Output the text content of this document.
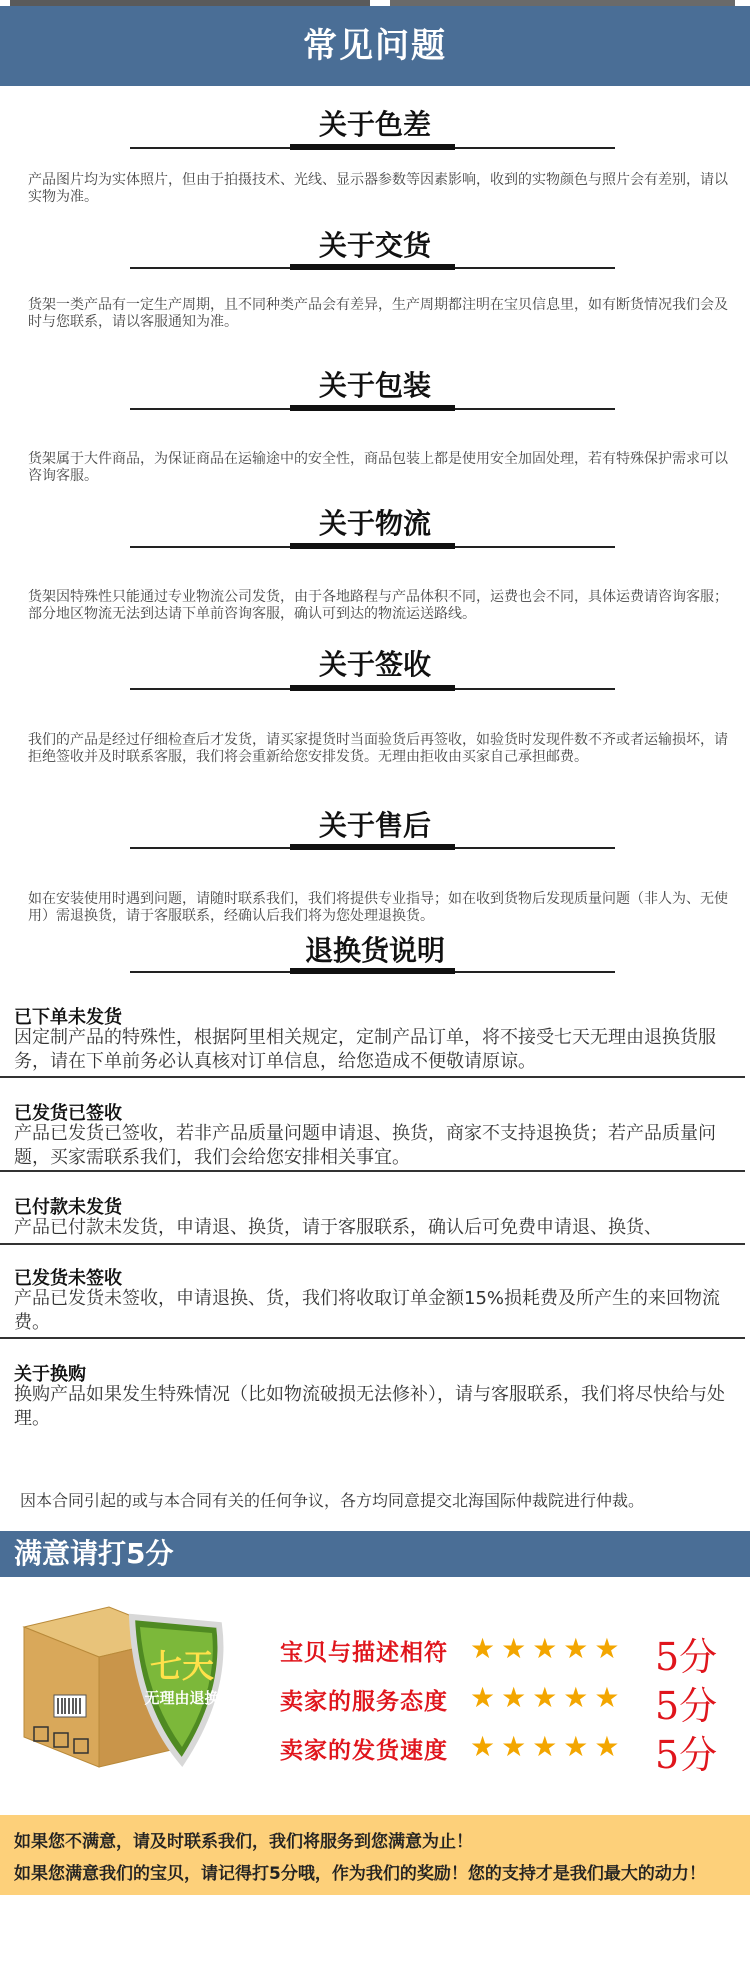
常见问题
关于色差
产品图片均为实体照片，但由于拍摄技术、光线、显示器参数等因素影响，收到的实物颜色与照片会有差别，请以实物为准。
关于交货
货架一类产品有一定生产周期，且不同种类产品会有差异，生产周期都注明在宝贝信息里，如有断货情况我们会及时与您联系，请以客服通知为准。
关于包装
货架属于大件商品，为保证商品在运输途中的安全性，商品包装上都是使用安全加固处理，若有特殊保护需求可以咨询客服。
关于物流
货架因特殊性只能通过专业物流公司发货，由于各地路程与产品体积不同，运费也会不同，具体运费请咨询客服；部分地区物流无法到达请下单前咨询客服，确认可到达的物流运送路线。
关于签收
我们的产品是经过仔细检查后才发货，请买家提货时当面验货后再签收，如验货时发现件数不齐或者运输损坏，请拒绝签收并及时联系客服，我们将会重新给您安排发货。无理由拒收由买家自己承担邮费。
关于售后
如在安装使用时遇到问题，请随时联系我们，我们将提供专业指导；如在收到货物后发现质量问题（非人为、无使用）需退换货，请于客服联系，经确认后我们将为您处理退换货。
退换货说明
已下单未发货
因定制产品的特殊性，根据阿里相关规定，定制产品订单，将不接受七天无理由退换货服务，请在下单前务必认真核对订单信息，给您造成不便敬请原谅。
已发货已签收
产品已发货已签收，若非产品质量问题申请退、换货，商家不支持退换货；若产品质量问题，买家需联系我们，我们会给您安排相关事宜。
已付款未发货
产品已付款未发货，申请退、换货，请于客服联系，确认后可免费申请退、换货、
已发货未签收
产品已发货未签收，申请退换、货，我们将收取订单金额15%损耗费及所产生的来回物流费。
关于换购
换购产品如果发生特殊情况（比如物流破损无法修补），请与客服联系，我们将尽快给与处理。
因本合同引起的或与本合同有关的任何争议，各方均同意提交北海国际仲裁院进行仲裁。
满意请打5分
七天
无理由退换
宝贝与描述相符 ★★★★★ 5分
卖家的服务态度 ★★★★★ 5分
卖家的发货速度 ★★★★★ 5分
如果您不满意，请及时联系我们，我们将服务到您满意为止！
如果您满意我们的宝贝，请记得打5分哦，作为我们的奖励！您的支持才是我们最大的动力！
